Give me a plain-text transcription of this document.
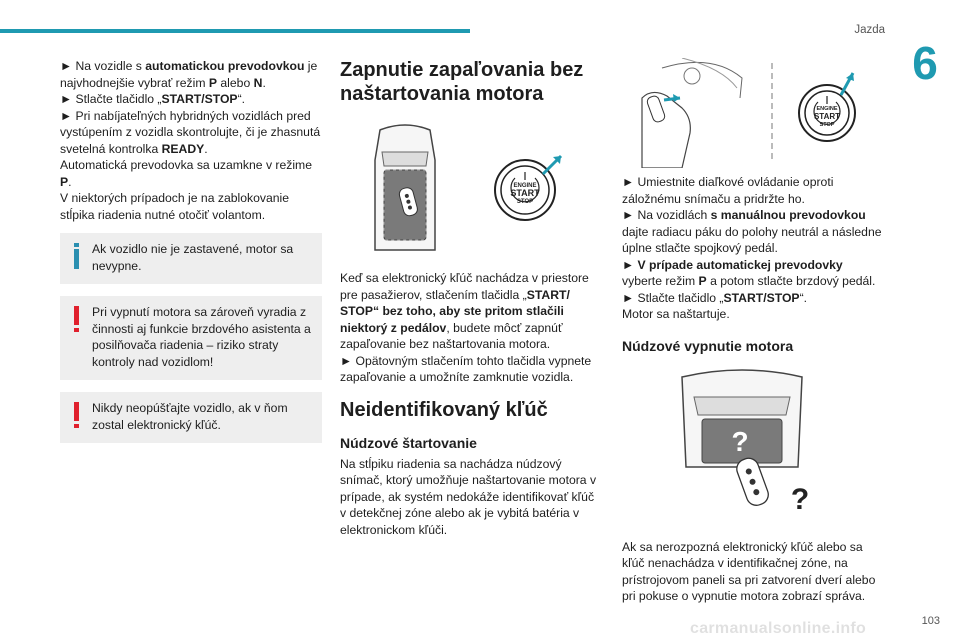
Jazda
6

► Na vozidle s automatickou prevodovkou je najvhodnejšie vybrať režim P alebo N.

► Stlačte tlačidlo „START/STOP“.

► Pri nabíjateľných hybridných vozidlách pred vystúpením z vozidla skontrolujte, či je zhasnutá svetelná kontrolka READY.

Automatická prevodovka sa uzamkne v režime P.

V niektorých prípadoch je na zablokovanie stĺpika riadenia nutné otočiť volantom.

Ak vozidlo nie je zastavené, motor sa nevypne.
Pri vypnutí motora sa zároveň vyradia z činnosti aj funkcie brzdového asistenta a posilňovača riadenia – riziko straty kontroly nad vozidlom!
Nikdy neopúšťajte vozidlo, ak v ňom zostal elektronický kľúč.
Zapnutie zapaľovania bez naštartovania motora
ENGINE
START
STOP

Keď sa elektronický kľúč nachádza v priestore pre pasažierov, stlačením tlačidla „START/ STOP“ bez toho, aby ste pritom stlačili niektorý z pedálov, budete môcť zapnúť zapaľovanie bez naštartovania motora.

► Opätovným stlačením tohto tlačidla vypnete zapaľovanie a umožníte zamknutie vozidla.

Neidentifikovaný kľúč
Núdzové štartovanie

Na stĺpiku riadenia sa nachádza núdzový snímač, ktorý umožňuje naštartovanie motora v prípade, ak systém nedokáže identifikovať kľúč v detekčnej zóne alebo ak je vybitá batéria v elektronickom kľúči.

ENGINE
START
STOP

► Umiestnite diaľkové ovládanie oproti záložnému snímaču a pridržte ho.

► Na vozidlách s manuálnou prevodovkou dajte radiacu páku do polohy neutrál a následne úplne stlačte spojkový pedál.

► V prípade automatickej prevodovky vyberte režim P a potom stlačte brzdový pedál.

► Stlačte tlačidlo „START/STOP“.

Motor sa naštartuje.

Núdzové vypnutie motora
?
?

Ak sa nerozpozná elektronický kľúč alebo sa kľúč nenachádza v identifikačnej zóne, na prístrojovom paneli sa pri zatvorení dverí alebo pri pokuse o vypnutie motora zobrazí správa.

carmanualsonline.info	103
